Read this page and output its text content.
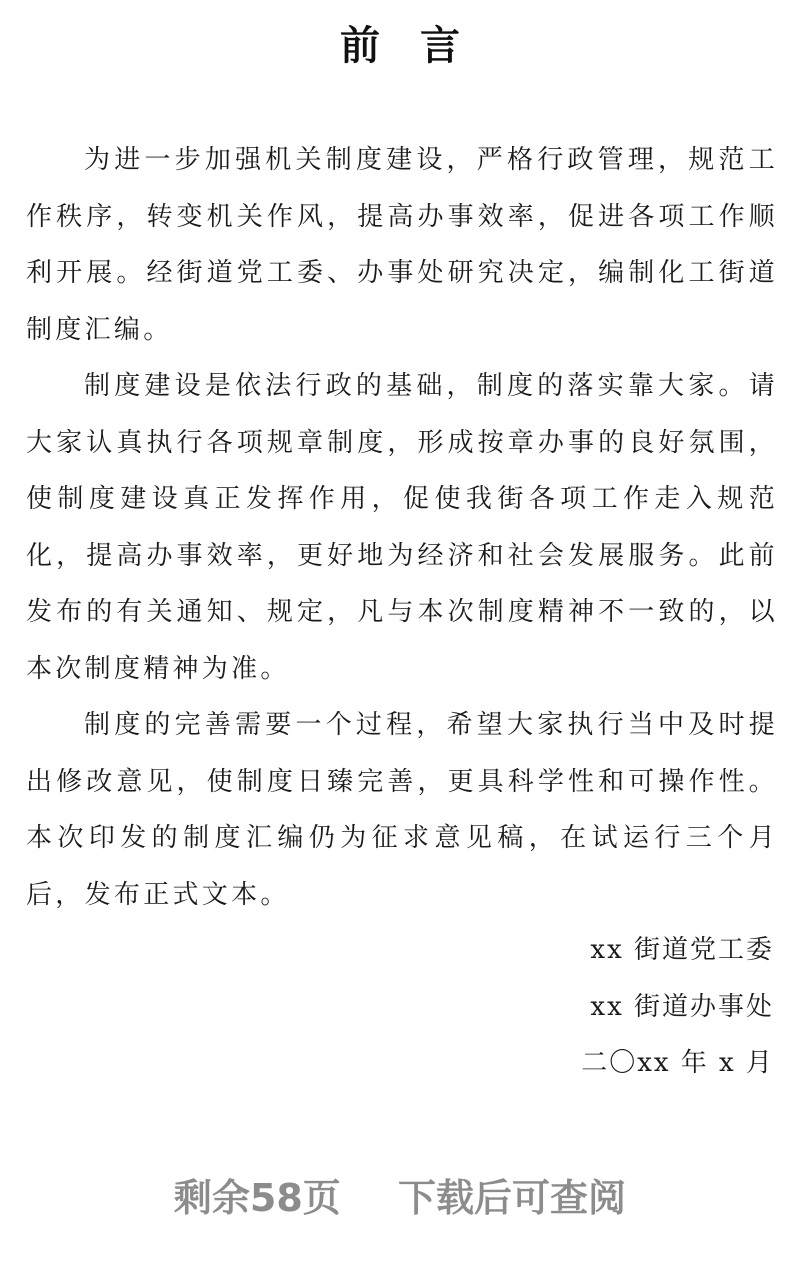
前言

为进一步加强机关制度建设，严格行政管理，规范工作秩序，转变机关作风，提高办事效率，促进各项工作顺利开展。经街道党工委、办事处研究决定，编制化工街道制度汇编。

制度建设是依法行政的基础，制度的落实靠大家。请大家认真执行各项规章制度，形成按章办事的良好氛围，使制度建设真正发挥作用，促使我街各项工作走入规范化，提高办事效率，更好地为经济和社会发展服务。此前发布的有关通知、规定，凡与本次制度精神不一致的，以本次制度精神为准。

制度的完善需要一个过程，希望大家执行当中及时提出修改意见，使制度日臻完善，更具科学性和可操作性。本次印发的制度汇编仍为征求意见稿，在试运行三个月后，发布正式文本。

xx 街道党工委
xx 街道办事处
二〇xx 年 x 月
剩余58页 下载后可查阅
